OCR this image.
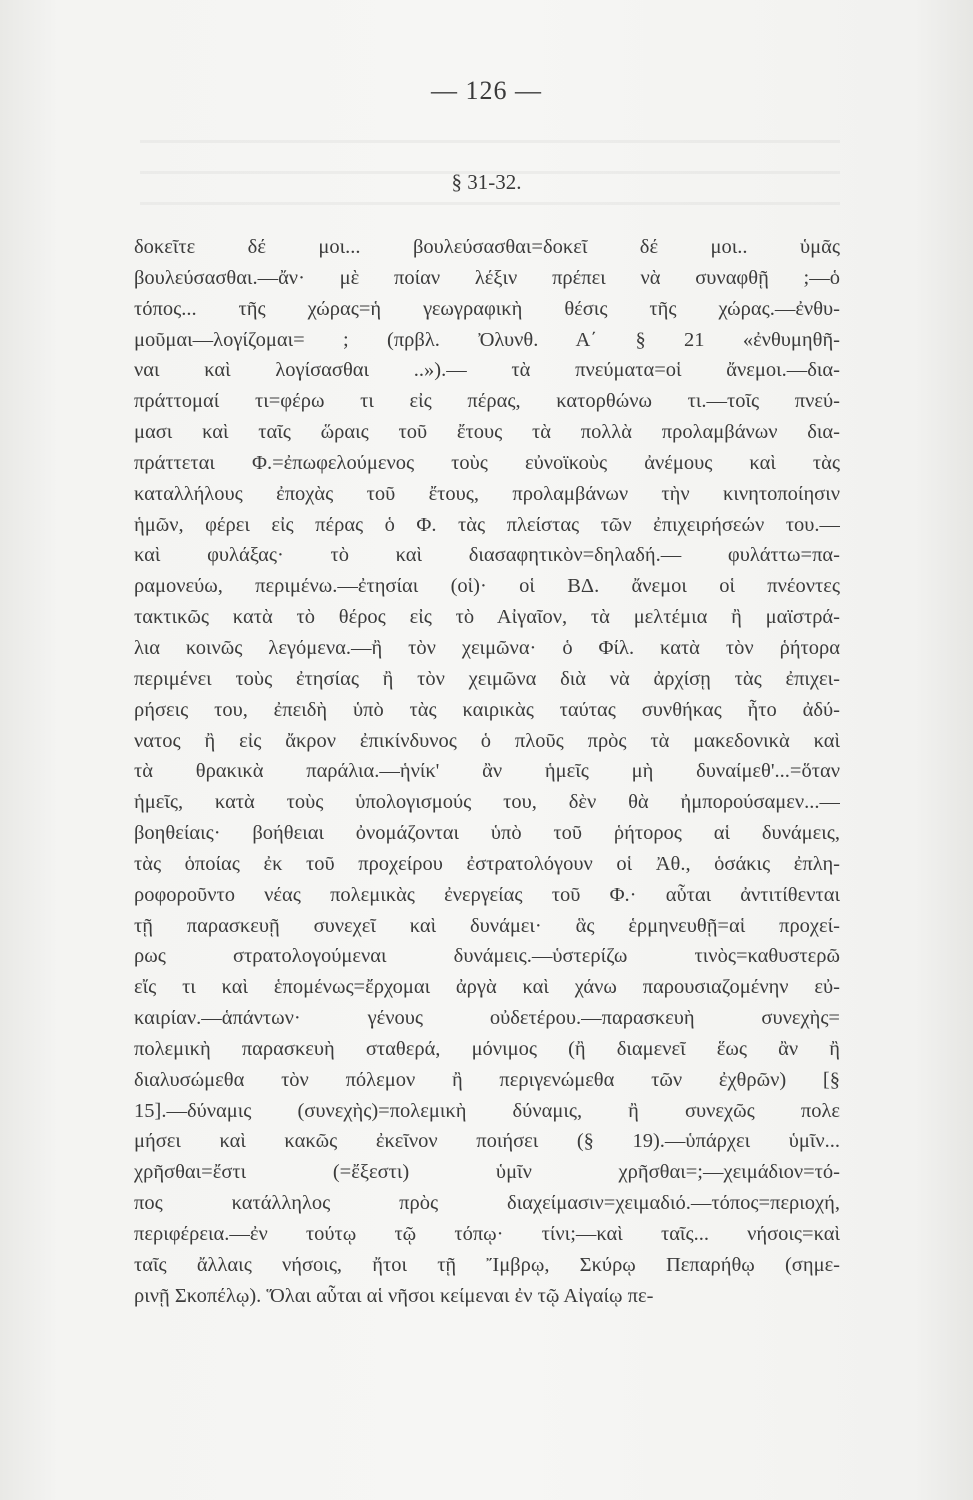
— 126 —
§ 31-32.
δοκεῖτε δέ μοι... βουλεύσασθαι=δοκεῖ δέ μοι.. ὑμᾶς
βουλεύσασθαι.—ἄν· μὲ ποίαν λέξιν πρέπει νὰ συναφθῇ ;—ὁ
τόπος... τῆς χώρας=ἡ γεωγραφικὴ θέσις τῆς χώρας.—ἐνθυ-
μοῦμαι—λογίζομαι= ; (πρβλ. Ὀλυνθ. Α΄ § 21 «ἐνθυμηθῆ-
ναι καὶ λογίσασθαι ..»).— τὰ πνεύματα=οἱ ἄνεμοι.—δια-
πράττομαί τι=φέρω τι εἰς πέρας, κατορθώνω τι.—τοῖς πνεύ-
μασι καὶ ταῖς ὥραις τοῦ ἔτους τὰ πολλὰ προλαμβάνων δια-
πράττεται Φ.=ἐπωφελούμενος τοὺς εὐνοϊκοὺς ἀνέμους καὶ τὰς
καταλλήλους ἐποχὰς τοῦ ἔτους, προλαμβάνων τὴν κινητοποίησιν
ἡμῶν, φέρει εἰς πέρας ὁ Φ. τὰς πλείστας τῶν ἐπιχειρήσεών του.—
καὶ φυλάξας· τὸ καὶ διασαφητικὸν=δηλαδή.— φυλάττω=πα-
ραμονεύω, περιμένω.—ἐτησίαι (οἱ)· οἱ ΒΔ. ἄνεμοι οἱ πνέοντες
τακτικῶς κατὰ τὸ θέρος εἰς τὸ Αἰγαῖον, τὰ μελτέμια ἢ μαϊστρά-
λια κοινῶς λεγόμενα.—ἢ τὸν χειμῶνα· ὁ Φίλ. κατὰ τὸν ῥήτορα
περιμένει τοὺς ἐτησίας ἢ τὸν χειμῶνα διὰ νὰ ἀρχίσῃ τὰς ἐπιχει-
ρήσεις του, ἐπειδὴ ὑπὸ τὰς καιρικὰς ταύτας συνθήκας ἦτο ἀδύ-
νατος ἢ εἰς ἄκρον ἐπικίνδυνος ὁ πλοῦς πρὸς τὰ μακεδονικὰ καὶ
τὰ θρακικὰ παράλια.—ἡνίκ' ἂν ἡμεῖς μὴ δυναίμεθ'...=ὅταν
ἡμεῖς, κατὰ τοὺς ὑπολογισμούς του, δὲν θὰ ἠμπορούσαμεν...—
βοηθείαις· βοήθειαι ὀνομάζονται ὑπὸ τοῦ ῥήτορος αἱ δυνάμεις,
τὰς ὁποίας ἐκ τοῦ προχείρου ἐστρατολόγουν οἱ Ἀθ., ὁσάκις ἐπλη-
ροφοροῦντο νέας πολεμικὰς ἐνεργείας τοῦ Φ.· αὗται ἀντιτίθενται
τῇ παρασκευῇ συνεχεῖ καὶ δυνάμει· ἃς ἑρμηνευθῇ=αἱ προχεί-
ρως στρατολογούμεναι δυνάμεις.—ὑστερίζω τινὸς=καθυστερῶ
εἴς τι καὶ ἑπομένως=ἔρχομαι ἀργὰ καὶ χάνω παρουσιαζομένην εὐ-
καιρίαν.—ἁπάντων· γένους οὐδετέρου.—παρασκευὴ συνεχὴς=
πολεμικὴ παρασκευὴ σταθερά, μόνιμος (ἢ διαμενεῖ ἕως ἂν ἢ
διαλυσώμεθα τὸν πόλεμον ἢ περιγενώμεθα τῶν ἐχθρῶν) [§
15].—δύναμις (συνεχὴς)=πολεμικὴ δύναμις, ἢ συνεχῶς πολε
μήσει καὶ κακῶς ἐκεῖνον ποιήσει (§ 19).—ὑπάρχει ὑμῖν...
χρῆσθαι=ἔστι (=ἔξεστι) ὑμῖν χρῆσθαι=;—χειμάδιον=τό-
πος κατάλληλος πρὸς διαχείμασιν=χειμαδιό.—τόπος=περιοχή,
περιφέρεια.—ἐν τούτῳ τῷ τόπῳ· τίνι;—καὶ ταῖς... νήσοις=καὶ
ταῖς ἄλλαις νήσοις, ἤτοι τῇ Ἴμβρῳ, Σκύρῳ Πεπαρήθῳ (σημε-
ρινῇ Σκοπέλῳ). Ὅλαι αὗται αἱ νῆσοι κείμεναι ἐν τῷ Αἰγαίῳ πε-
